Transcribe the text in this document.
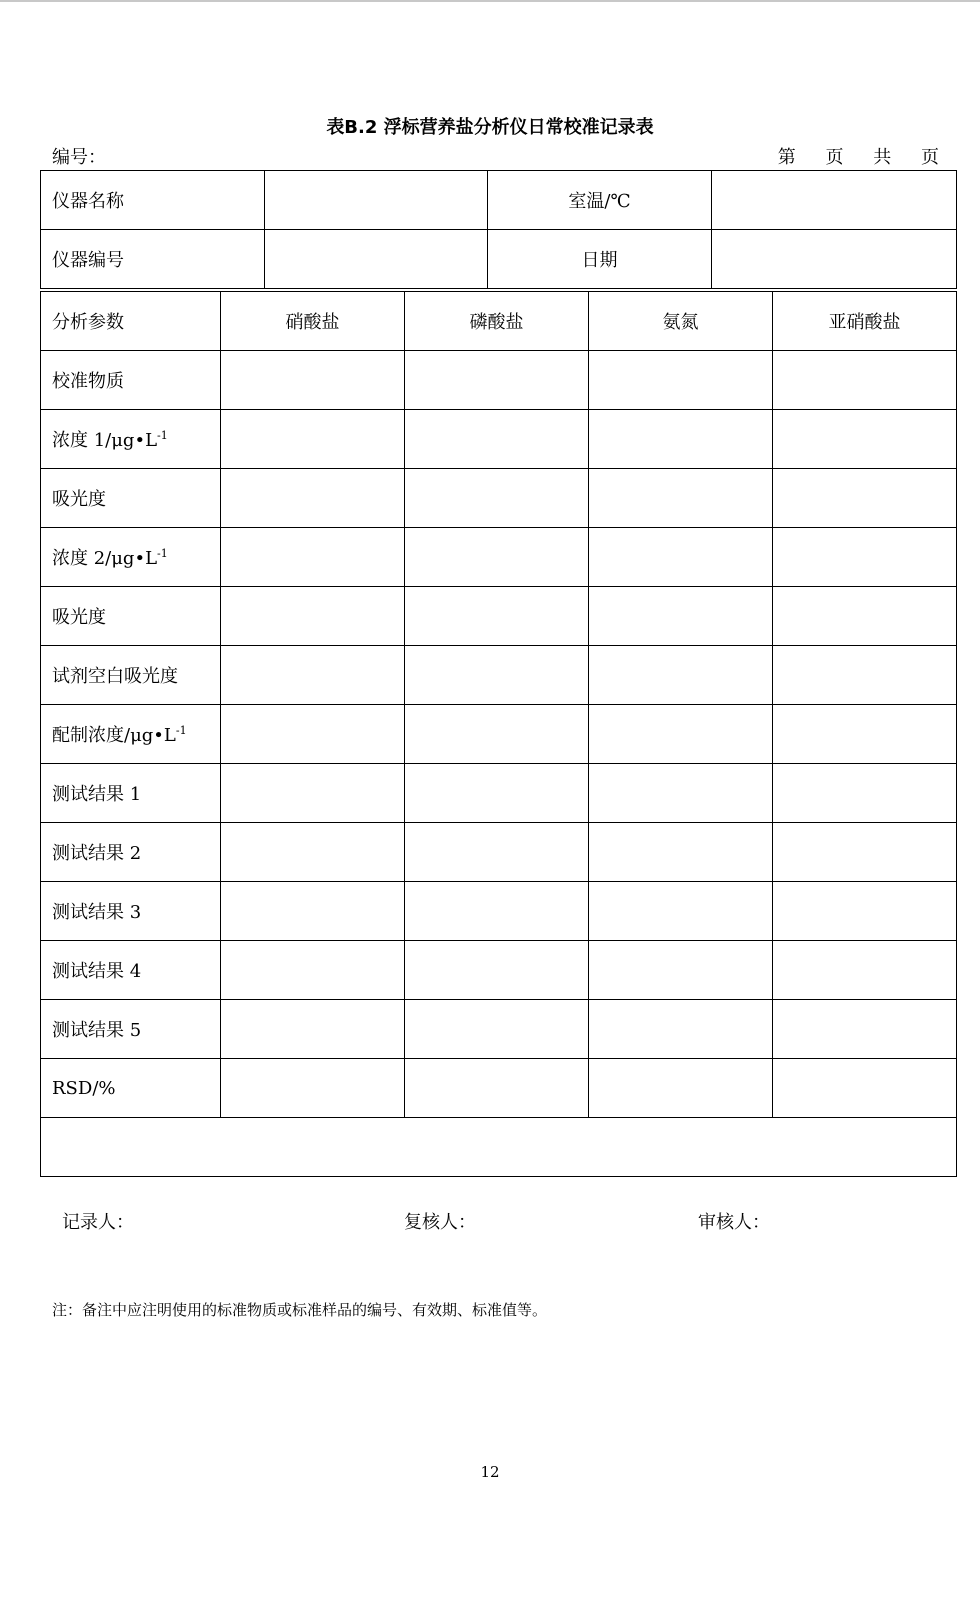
表B.2 浮标营养盐分析仪日常校准记录表
编号：	第 页 共 页
仪器名称		室温/℃	
仪器编号		日期	
分析参数	硝酸盐	磷酸盐	氨氮	亚硝酸盐
校准物质				
浓度 $1/\mu g•L^{-1}$				
吸光度				
浓度 $2/\mu g•L^{-1}$				
吸光度				
试剂空白吸光度				
配制浓度$/\mu g•L^{-1}$				
测试结果 1				
测试结果 2				
测试结果 3				
测试结果 4				
测试结果 5				
RSD/%				

记录人：	复核人：	审核人：
注：备注中应注明使用的标准物质或标准样品的编号、有效期、标准值等。
12
